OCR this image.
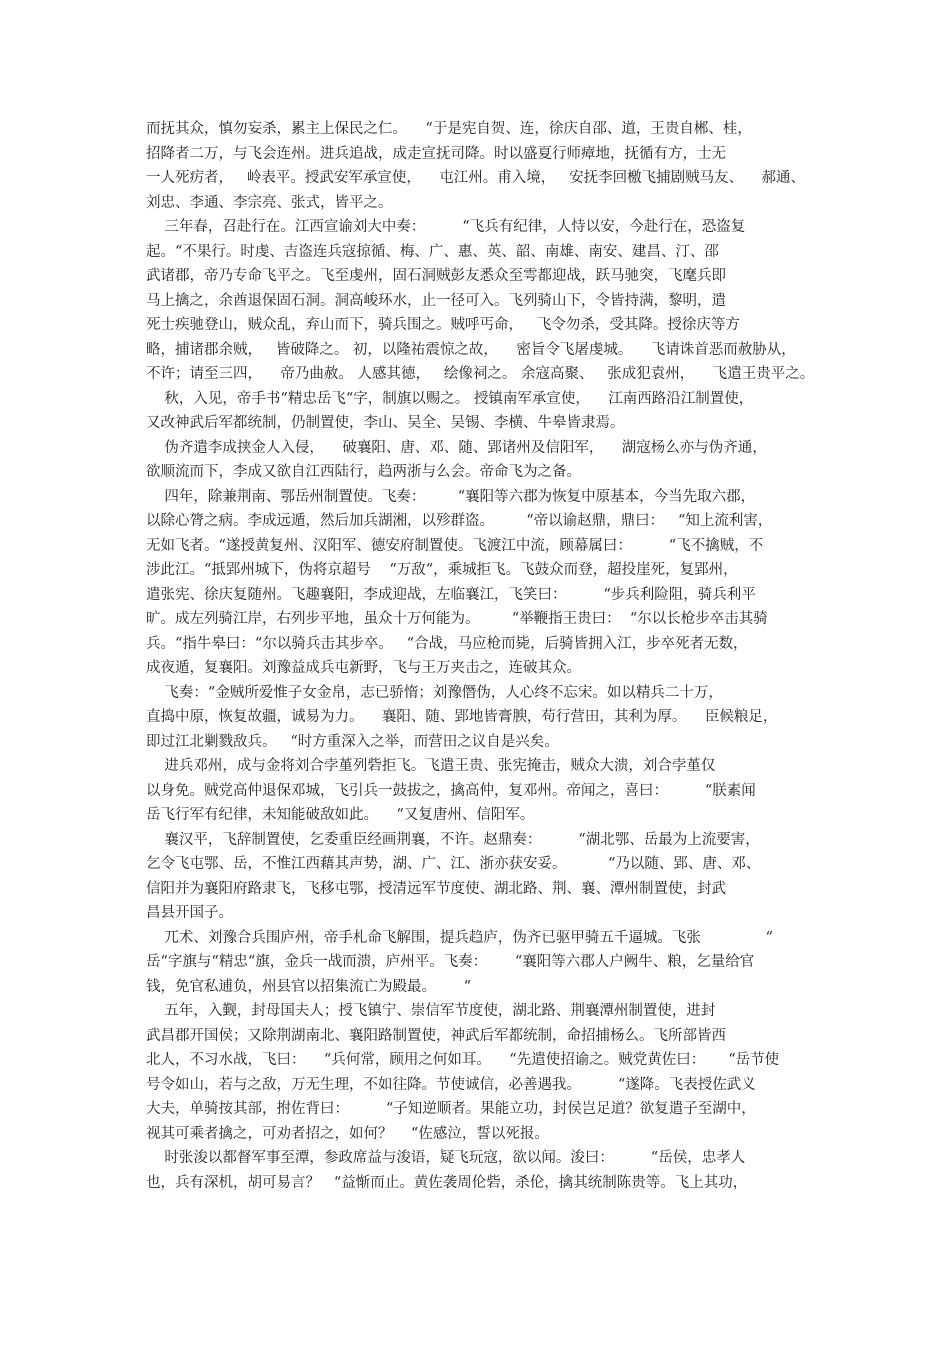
而抚其众，慎勿妄杀，累主上保民之仁。    “于是宪自贺、连，徐庆自邵、道，王贵自郴、桂，
招降者二万，与飞会连州。进兵追战，成走宣抚司降。时以盛夏行师瘴地，抚循有方，士无
一人死疠者，   岭表平。授武安军承宣使，    屯江州。甫入境，   安抚李回檄飞捕剧贼马友、    郝通、
刘忠、李通、李宗亮、张式，皆平之。
三年春，召赴行在。江西宣谕刘大中奏：        “飞兵有纪律，人恃以安，今赴行在，恐盗复
起。“不果行。时虔、吉盗连兵寇掠循、梅、广、惠、英、韶、南雄、南安、建昌、汀、邵
武诸郡，帝乃专命飞平之。飞至虔州，固石洞贼彭友悉众至雩都迎战，跃马驰突，飞麾兵即
马上擒之，余酋退保固石洞。洞高峻环水，止一径可入。飞列骑山下，令皆持满，黎明，遣
死士疾驰登山，贼众乱，弃山而下，骑兵围之。贼呼丐命，   飞令勿杀，受其降。授徐庆等方
略，捕诸郡余贼，   皆破降之。 初，以隆祐震惊之故，    密旨令飞屠虔城。    飞请诛首恶而赦胁从，
不许；请至三四，    帝乃曲赦。 人感其德，   绘像祠之。 余寇高聚、   张成犯袁州，    飞遣王贵平之。
秋，入见，帝手书“精忠岳飞“字，制旗以赐之。 授镇南军承宣使，    江南西路沿江制置使，
又改神武后军都统制，仍制置使，李山、吴全、吴锡、李横、牛皋皆隶焉。
伪齐遣李成挟金人入侵，    破襄阳、唐、邓、随、郢诸州及信阳军，    湖寇杨么亦与伪齐通，
欲顺流而下，李成又欲自江西陆行，趋两浙与么会。帝命飞为之备。
四年，除兼荆南、鄂岳州制置使。飞奏：       “襄阳等六郡为恢复中原基本，今当先取六郡，
以除心膂之病。李成远遁，然后加兵湖湘，以殄群盗。       “帝以谕赵鼎，鼎曰：   “知上流利害，
无如飞者。“遂授黄复州、汉阳军、德安府制置使。飞渡江中流，顾幕属曰：        “飞不擒贼，不
涉此江。“抵郢州城下，伪将京超号    “万敌“，乘城拒飞。飞鼓众而登，超投崖死，复郢州，
遣张宪、徐庆复随州。飞趣襄阳，李成迎战，左临襄江，飞笑曰：        “步兵利险阻，骑兵利平
旷。成左列骑江岸，右列步平地，虽众十万何能为。       “举鞭指王贵曰：  “尔以长枪步卒击其骑
兵。“指牛皋曰：“尔以骑兵击其步卒。   “合战，马应枪而毙，后骑皆拥入江，步卒死者无数，
成夜遁，复襄阳。刘豫益成兵屯新野，飞与王万夹击之，连破其众。
飞奏：“金贼所爱惟子女金帛，志已骄惰；刘豫僭伪，人心终不忘宋。如以精兵二十万，
直捣中原，恢复故疆，诚易为力。    襄阳、随、郢地皆膏腴，苟行营田，其利为厚。    臣候粮足，
即过江北剿戮敌兵。   “时方重深入之举，而营田之议自是兴矣。
进兵邓州，成与金将刘合孛堇列砦拒飞。飞遣王贵、张宪掩击，贼众大溃，刘合孛堇仅
以身免。贼党高仲退保邓城，飞引兵一鼓拔之，擒高仲，复邓州。帝闻之，喜曰：        “朕素闻
岳飞行军有纪律，未知能破敌如此。    “又复唐州、信阳军。
襄汉平，飞辞制置使，乞委重臣经画荆襄，不许。赵鼎奏：        “湖北鄂、岳最为上流要害，
乞令飞屯鄂、岳，不惟江西藉其声势，湖、广、江、浙亦获安妥。         “乃以随、郢、唐、邓、
信阳并为襄阳府路隶飞，飞移屯鄂，授清远军节度使、湖北路、荆、襄、潭州制置使，封武
昌县开国子。
兀术、刘豫合兵围庐州，帝手札命飞解围，提兵趋庐，伪齐已驱甲骑五千逼城。飞张              “
岳“字旗与“精忠“旗，金兵一战而溃，庐州平。飞奏：      “襄阳等六郡人户阙牛、粮，乞量给官
钱，免官私逋负，州县官以招集流亡为殿最。      “
五年，入觐，封母国夫人；授飞镇宁、崇信军节度使，湖北路、荆襄潭州制置使，进封
武昌郡开国侯；又除荆湖南北、襄阳路制置使，神武后军都统制，命招捕杨么。飞所部皆西
北人，不习水战，飞曰：    “兵何常，顾用之何如耳。    “先遣使招谕之。贼党黄佐曰：     “岳节使
号令如山，若与之敌，万无生理，不如往降。节使诚信，必善遇我。        “遂降。飞表授佐武义
大夫，单骑按其部，拊佐背曰：        “子知逆顺者。果能立功，封侯岂足道？欲复遣子至湖中，
视其可乘者擒之，可劝者招之，如何？    “佐感泣，誓以死报。
时张浚以都督军事至潭，参政席益与浚语，疑飞玩寇，欲以闻。浚曰：        “岳侯，忠孝人
也，兵有深机，胡可易言？   “益惭而止。黄佐袭周伦砦，杀伦，擒其统制陈贵等。飞上其功，
